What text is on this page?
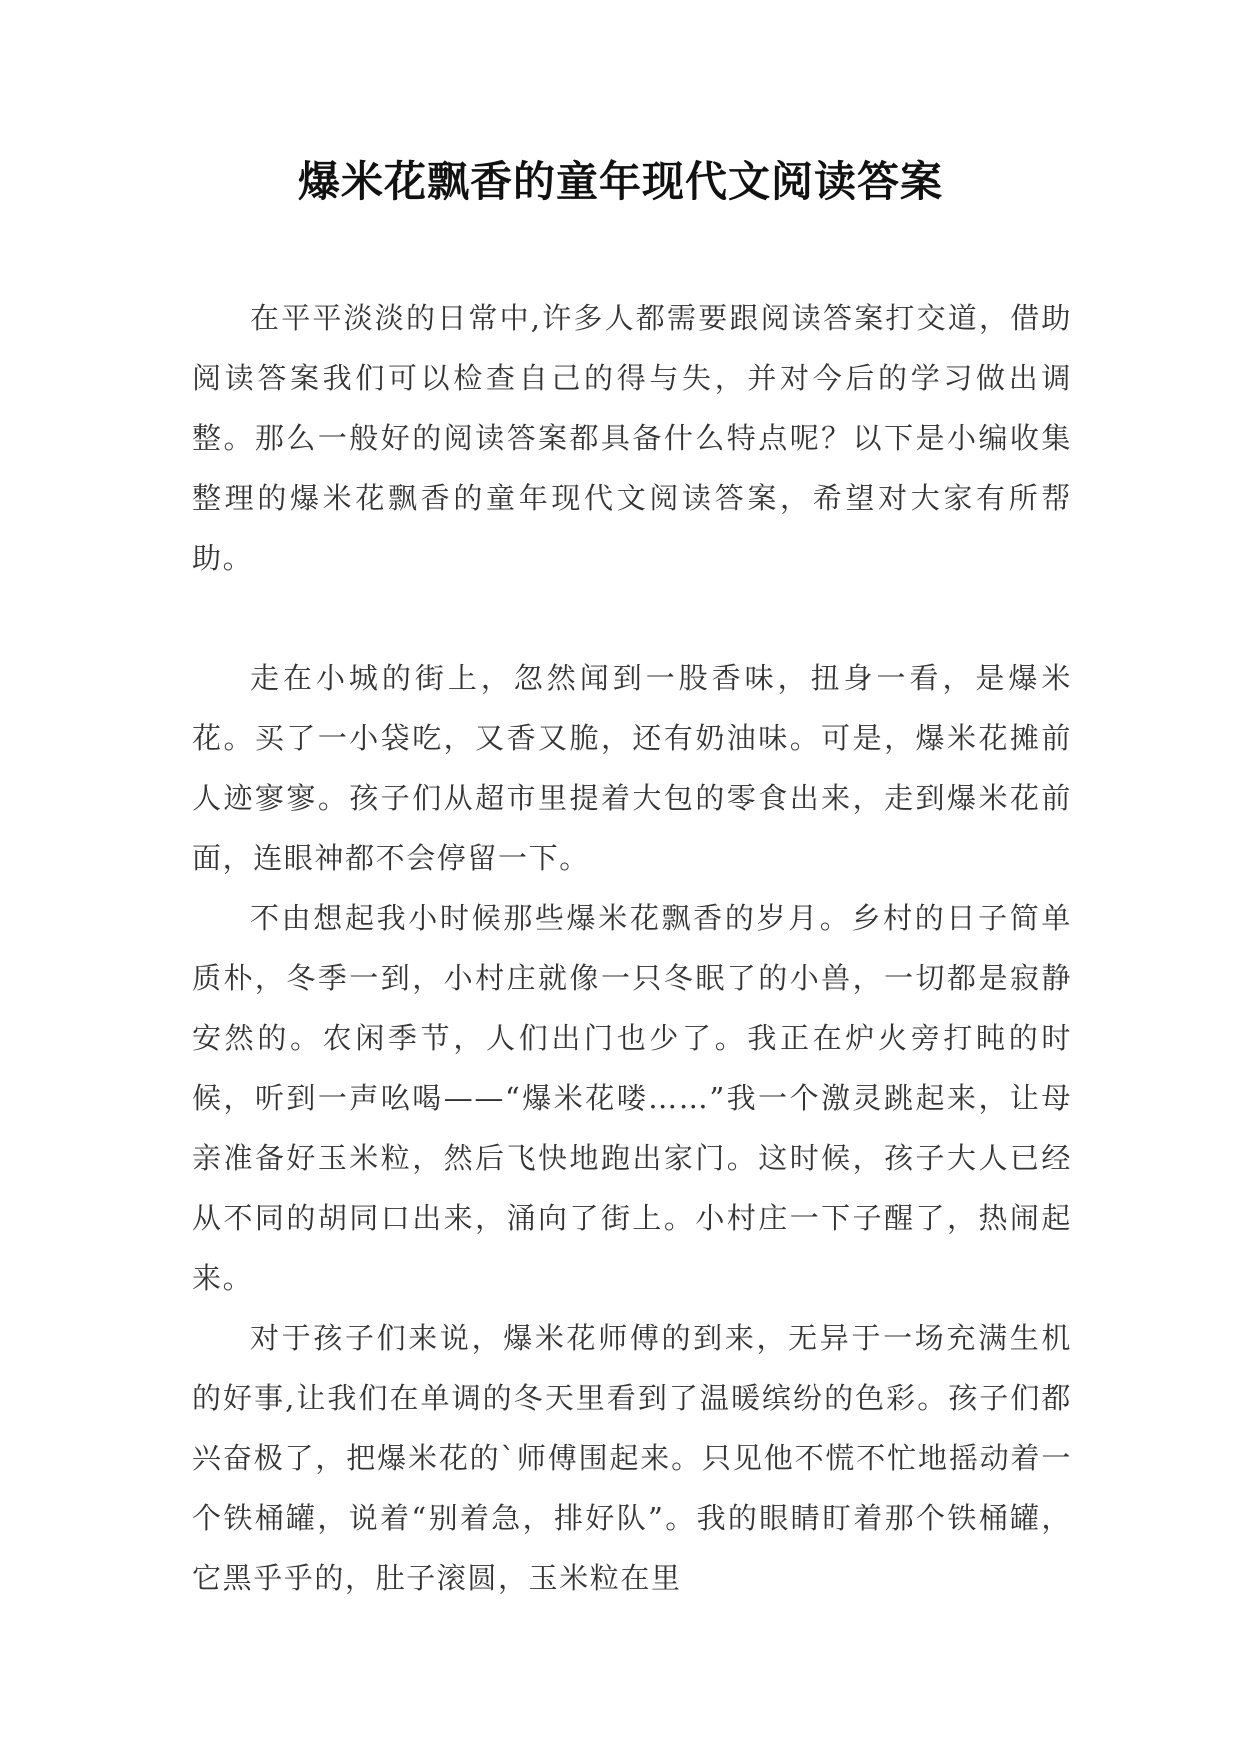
爆米花飘香的童年现代文阅读答案

在平平淡淡的日常中,许多人都需要跟阅读答案打交道，借助阅读答案我们可以检查自己的得与失，并对今后的学习做出调整。那么一般好的阅读答案都具备什么特点呢？以下是小编收集整理的爆米花飘香的童年现代文阅读答案，希望对大家有所帮助。

走在小城的街上，忽然闻到一股香味，扭身一看，是爆米花。买了一小袋吃，又香又脆，还有奶油味。可是，爆米花摊前人迹寥寥。孩子们从超市里提着大包的零食出来，走到爆米花前面，连眼神都不会停留一下。

不由想起我小时候那些爆米花飘香的岁月。乡村的日子简单质朴，冬季一到，小村庄就像一只冬眠了的小兽，一切都是寂静安然的。农闲季节，人们出门也少了。我正在炉火旁打盹的时候，听到一声吆喝——“爆米花喽……”我一个激灵跳起来，让母亲准备好玉米粒，然后飞快地跑出家门。这时候，孩子大人已经从不同的胡同口出来，涌向了街上。小村庄一下子醒了，热闹起来。

对于孩子们来说，爆米花师傅的到来，无异于一场充满生机的好事,让我们在单调的冬天里看到了温暖缤纷的色彩。孩子们都兴奋极了，把爆米花的`师傅围起来。只见他不慌不忙地摇动着一个铁桶罐，说着“别着急，排好队”。我的眼睛盯着那个铁桶罐，它黑乎乎的，肚子滚圆，玉米粒在里
